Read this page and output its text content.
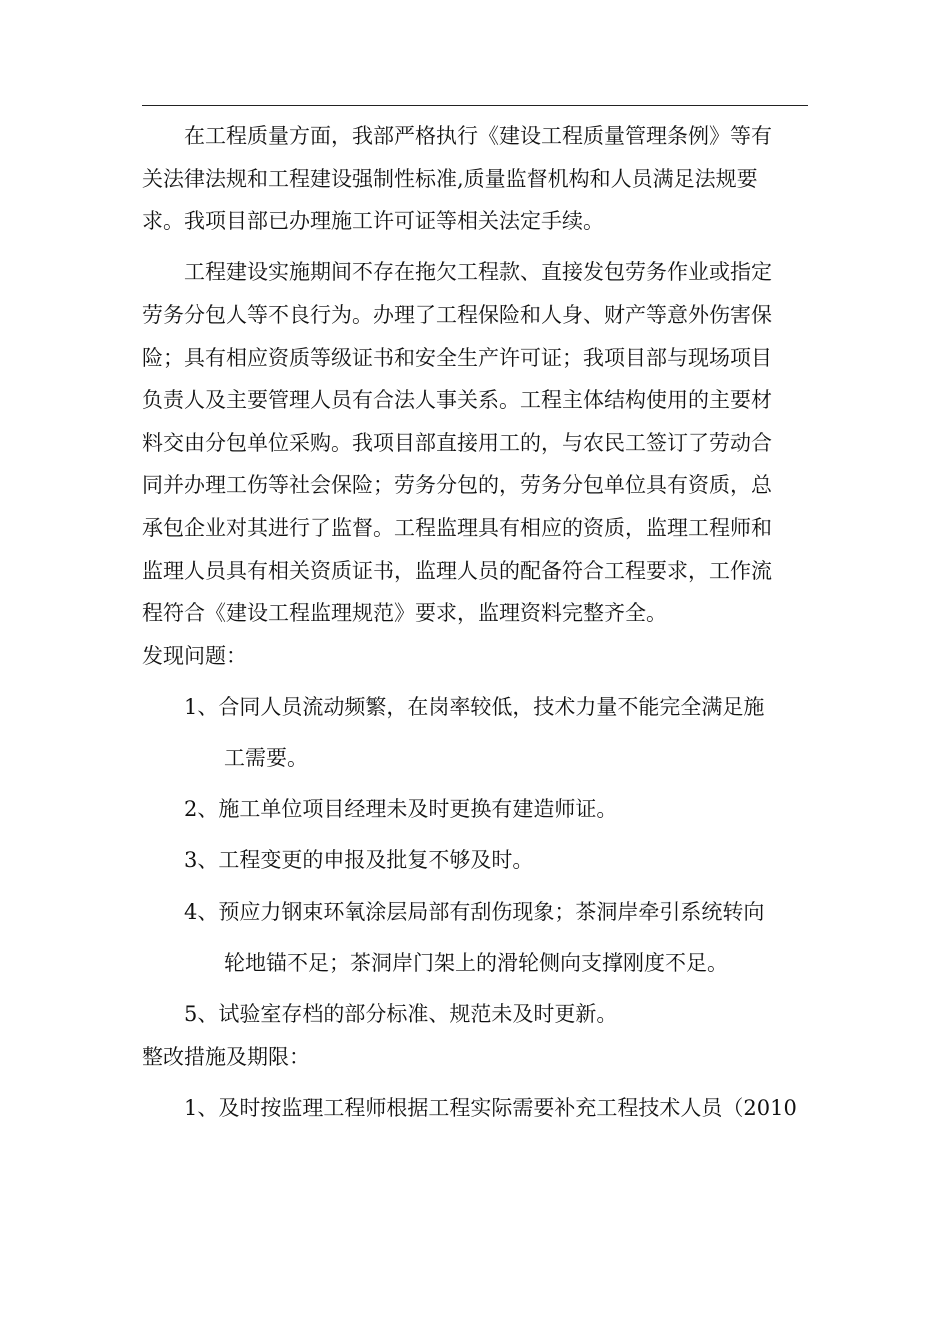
在工程质量方面，我部严格执行《建设工程质量管理条例》等有

关法律法规和工程建设强制性标准,质量监督机构和人员满足法规要

求。我项目部已办理施工许可证等相关法定手续。

工程建设实施期间不存在拖欠工程款、直接发包劳务作业或指定

劳务分包人等不良行为。办理了工程保险和人身、财产等意外伤害保

险；具有相应资质等级证书和安全生产许可证；我项目部与现场项目

负责人及主要管理人员有合法人事关系。工程主体结构使用的主要材

料交由分包单位采购。我项目部直接用工的，与农民工签订了劳动合

同并办理工伤等社会保险；劳务分包的，劳务分包单位具有资质，总

承包企业对其进行了监督。工程监理具有相应的资质，监理工程师和

监理人员具有相关资质证书，监理人员的配备符合工程要求，工作流

程符合《建设工程监理规范》要求，监理资料完整齐全。

发现问题：

1、合同人员流动频繁，在岗率较低，技术力量不能完全满足施

工需要。

2、施工单位项目经理未及时更换有建造师证。

3、工程变更的申报及批复不够及时。

4、预应力钢束环氧涂层局部有刮伤现象；茶洞岸牵引系统转向

轮地锚不足；茶洞岸门架上的滑轮侧向支撑刚度不足。

5、试验室存档的部分标准、规范未及时更新。

整改措施及期限：

1、及时按监理工程师根据工程实际需要补充工程技术人员（2010
